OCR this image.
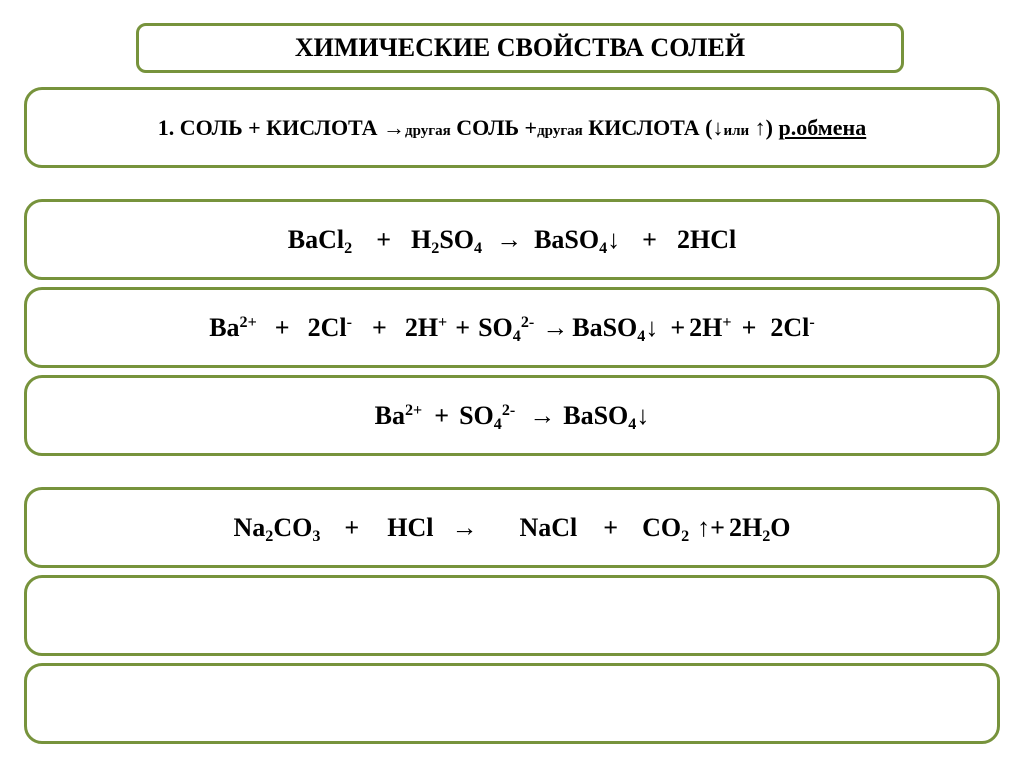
ХИМИЧЕСКИЕ СВОЙСТВА СОЛЕЙ
1. СОЛЬ + КИСЛОТА →другая СОЛЬ +другая КИСЛОТА (↓или ↑) р.обмена
BaCl$_2$ + $H_2SO_4$ → BaSO$_4$↓ + 2HCl
$Ba^{2+} + 2Cl^- + 2H^+ + SO_4^{2-}$ → BaSO$_4$↓ + 2H+ + 2Cl-
$Ba^{2+} + SO_4^{2-}$ → BaSO$_4$↓
$Na_2CO_3$ + HCl → NaCl + $CO_2$ ↑+ $2H_2O$
